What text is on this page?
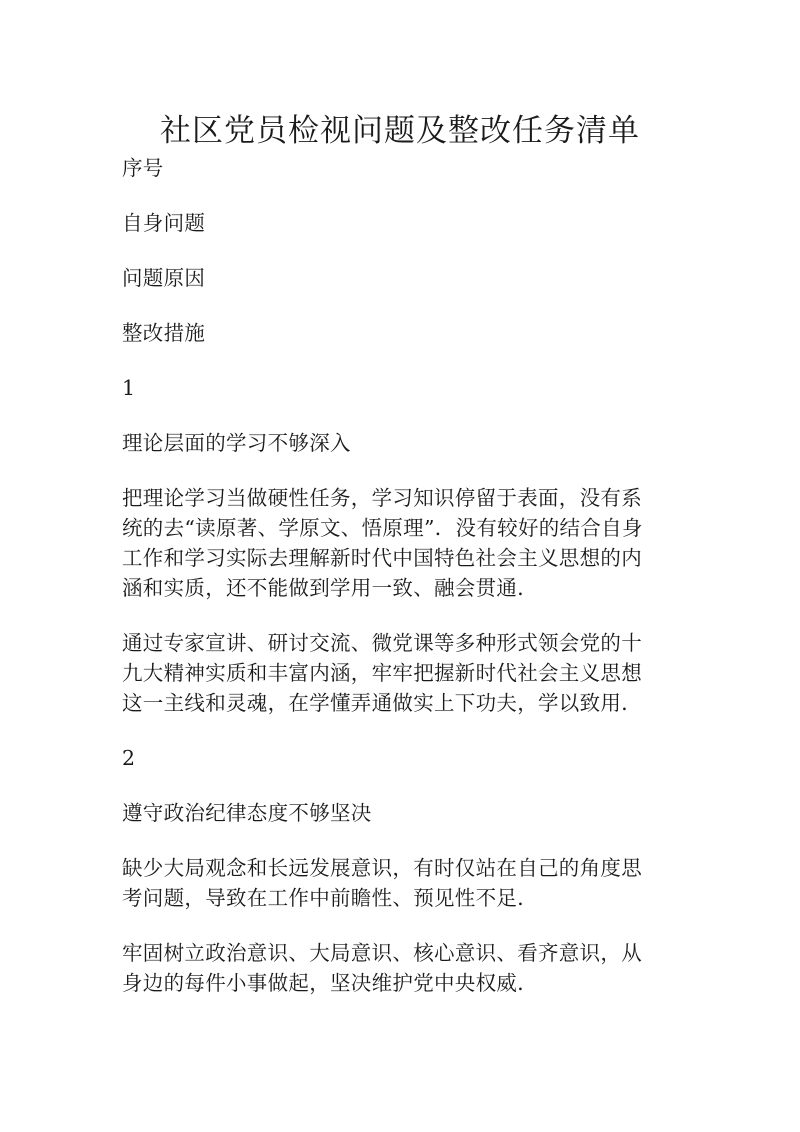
社区党员检视问题及整改任务清单

序号

自身问题

问题原因

整改措施

1

理论层面的学习不够深入

把理论学习当做硬性任务，学习知识停留于表面，没有系统的去“读原著、学原文、悟原理”．没有较好的结合自身工作和学习实际去理解新时代中国特色社会主义思想的内涵和实质，还不能做到学用一致、融会贯通．

通过专家宣讲、研讨交流、微党课等多种形式领会党的十九大精神实质和丰富内涵，牢牢把握新时代社会主义思想这一主线和灵魂，在学懂弄通做实上下功夫，学以致用．

2

遵守政治纪律态度不够坚决

缺少大局观念和长远发展意识，有时仅站在自己的角度思考问题，导致在工作中前瞻性、预见性不足．

牢固树立政治意识、大局意识、核心意识、看齐意识，从身边的每件小事做起，坚决维护党中央权威．
